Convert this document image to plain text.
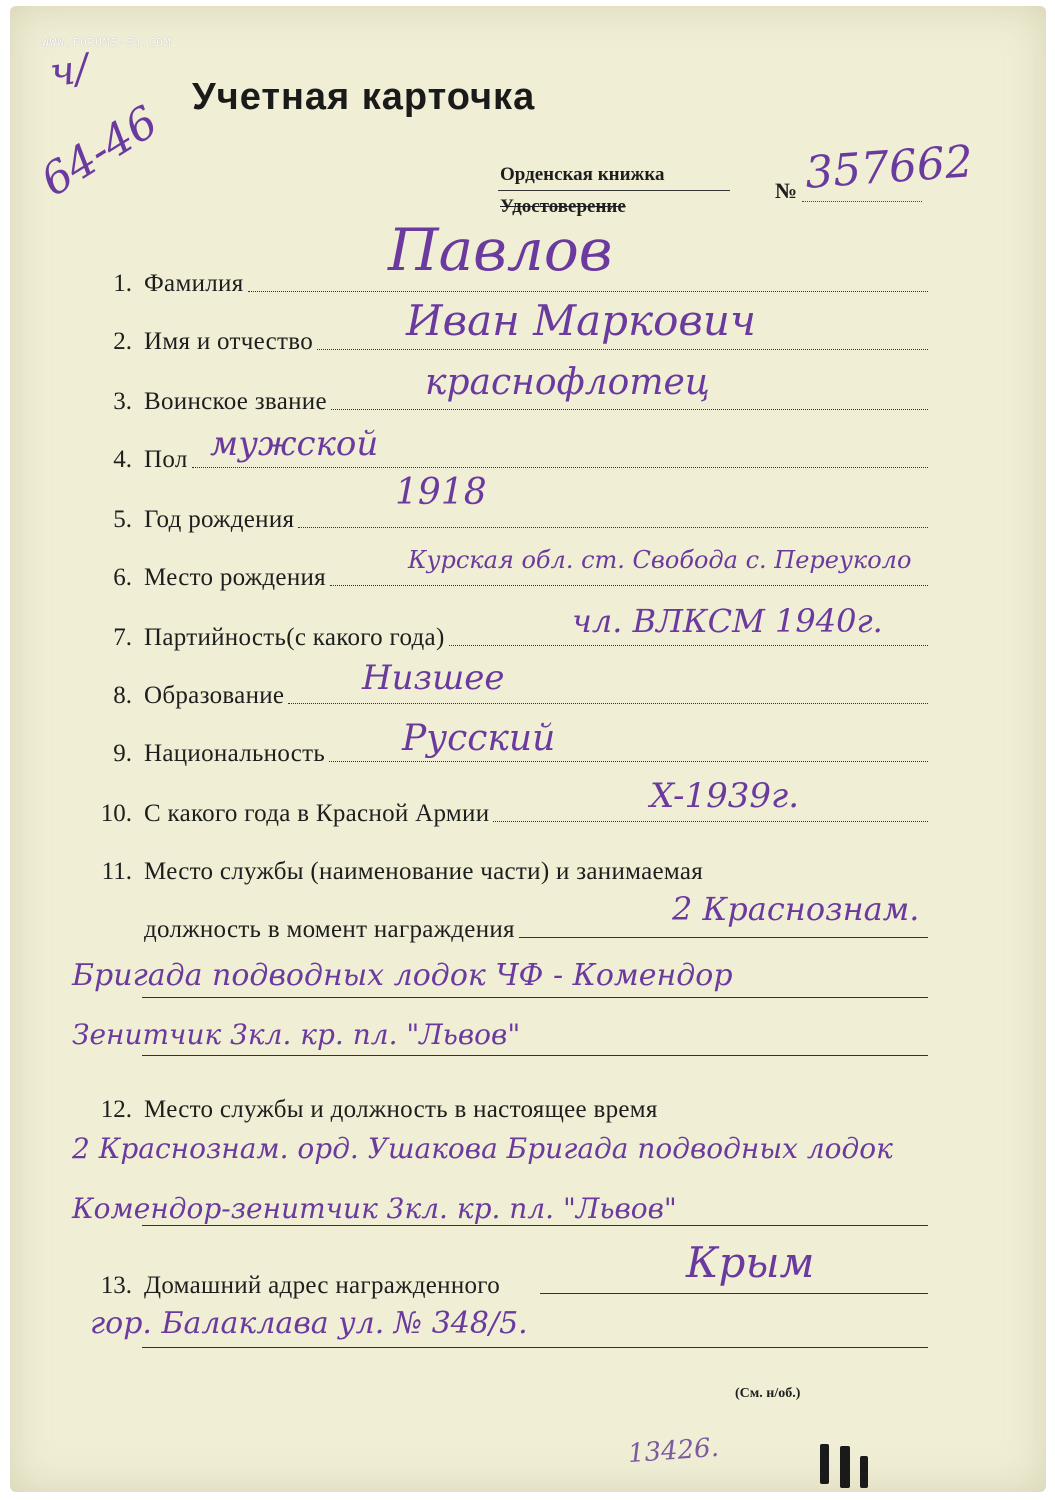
WWW.FORUMS-SU.COM
ч/
64-46 Учетная карточка
Орденская книжка
Удостоверение
№ 357662
1. Фамилия Павлов
2. Имя и отчество Иван Маркович
3. Воинское звание	краснофлотец
4. Пол мужской
5. Год рождения
1918
6. Место рождения
Курская обл. ст. Свобода с. Переуколо
7. Партийность(с какого года)	чл. ВЛКСМ 1940г.
8. Образование Низшее
9. Национальность Русский
10. С какого года в Красной Армии	X-1939г.
11. Место службы (наименование части) и занимаемая
должность в момент награждения
2 Краснознам.
Бригада подводных лодок ЧФ - Комендор
Зенитчик 3кл. кр. пл. "Львов"
12. Место службы и должность в настоящее время
2 Краснознам. орд. Ушакова Бригада подводных лодок
Комендор-зенитчик 3кл. кр. пл. "Львов"
13. Домашний адрес награжденного	Крым
гор. Балаклава ул. № 348/5.
(См. н/об.)
13426.
